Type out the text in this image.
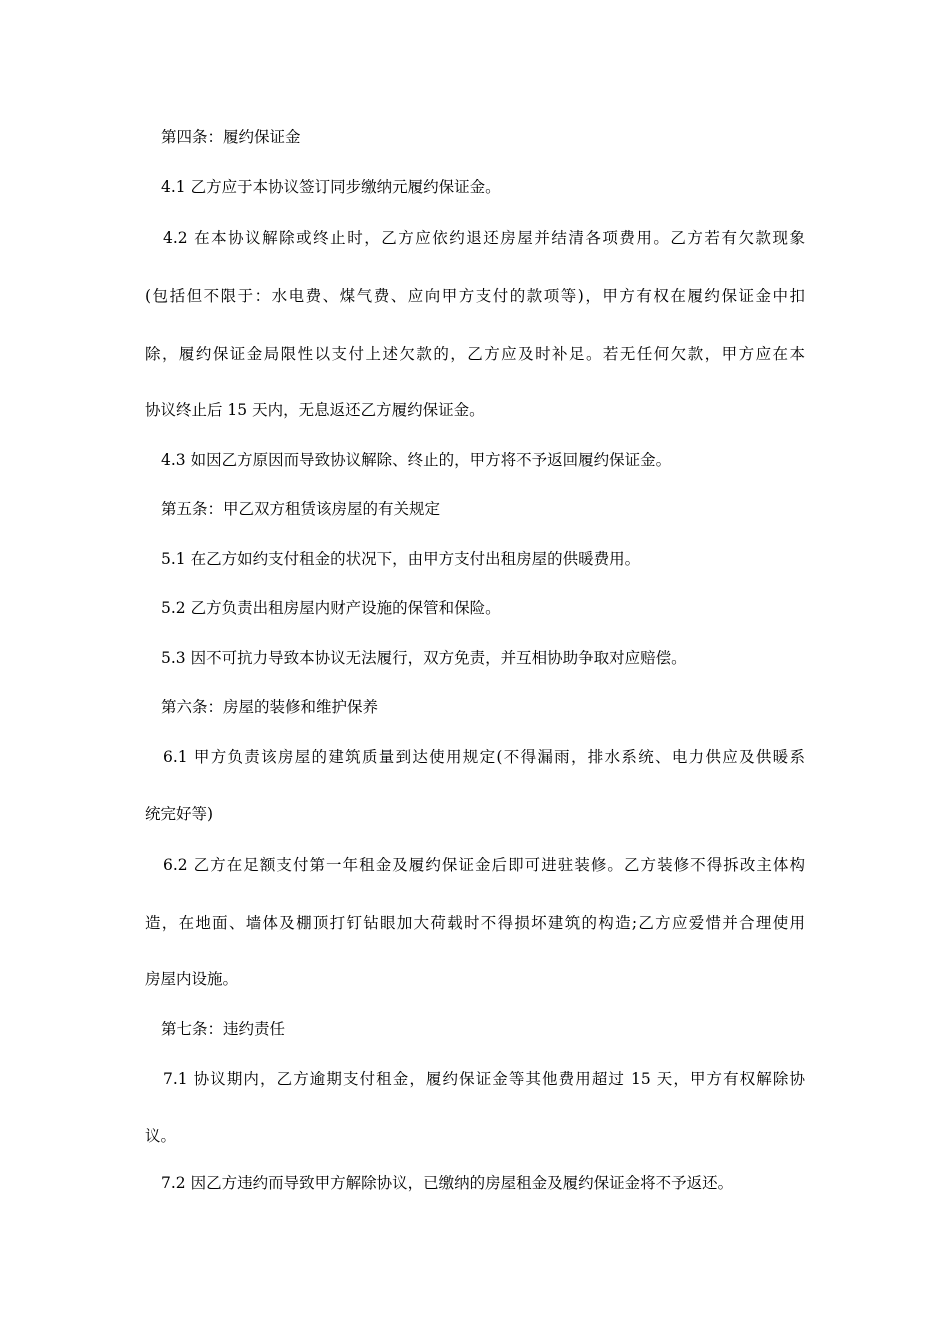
第四条：履约保证金
4.1 乙方应于本协议签订同步缴纳元履约保证金。
4.2 在本协议解除或终止时，乙方应依约退还房屋并结清各项费用。乙方若有欠款现象
(包括但不限于：水电费、煤气费、应向甲方支付的款项等)，甲方有权在履约保证金中扣
除，履约保证金局限性以支付上述欠款的，乙方应及时补足。若无任何欠款，甲方应在本
协议终止后 15 天内，无息返还乙方履约保证金。
4.3 如因乙方原因而导致协议解除、终止的，甲方将不予返回履约保证金。
第五条：甲乙双方租赁该房屋的有关规定
5.1 在乙方如约支付租金的状况下，由甲方支付出租房屋的供暖费用。
5.2 乙方负责出租房屋内财产设施的保管和保险。
5.3 因不可抗力导致本协议无法履行，双方免责，并互相协助争取对应赔偿。
第六条：房屋的装修和维护保养
6.1 甲方负责该房屋的建筑质量到达使用规定(不得漏雨，排水系统、电力供应及供暖系
统完好等)
6.2 乙方在足额支付第一年租金及履约保证金后即可进驻装修。乙方装修不得拆改主体构
造，在地面、墙体及棚顶打钉钻眼加大荷载时不得损坏建筑的构造;乙方应爱惜并合理使用
房屋内设施。
第七条：违约责任
7.1 协议期内，乙方逾期支付租金，履约保证金等其他费用超过 15 天，甲方有权解除协
议。
7.2 因乙方违约而导致甲方解除协议，已缴纳的房屋租金及履约保证金将不予返还。
